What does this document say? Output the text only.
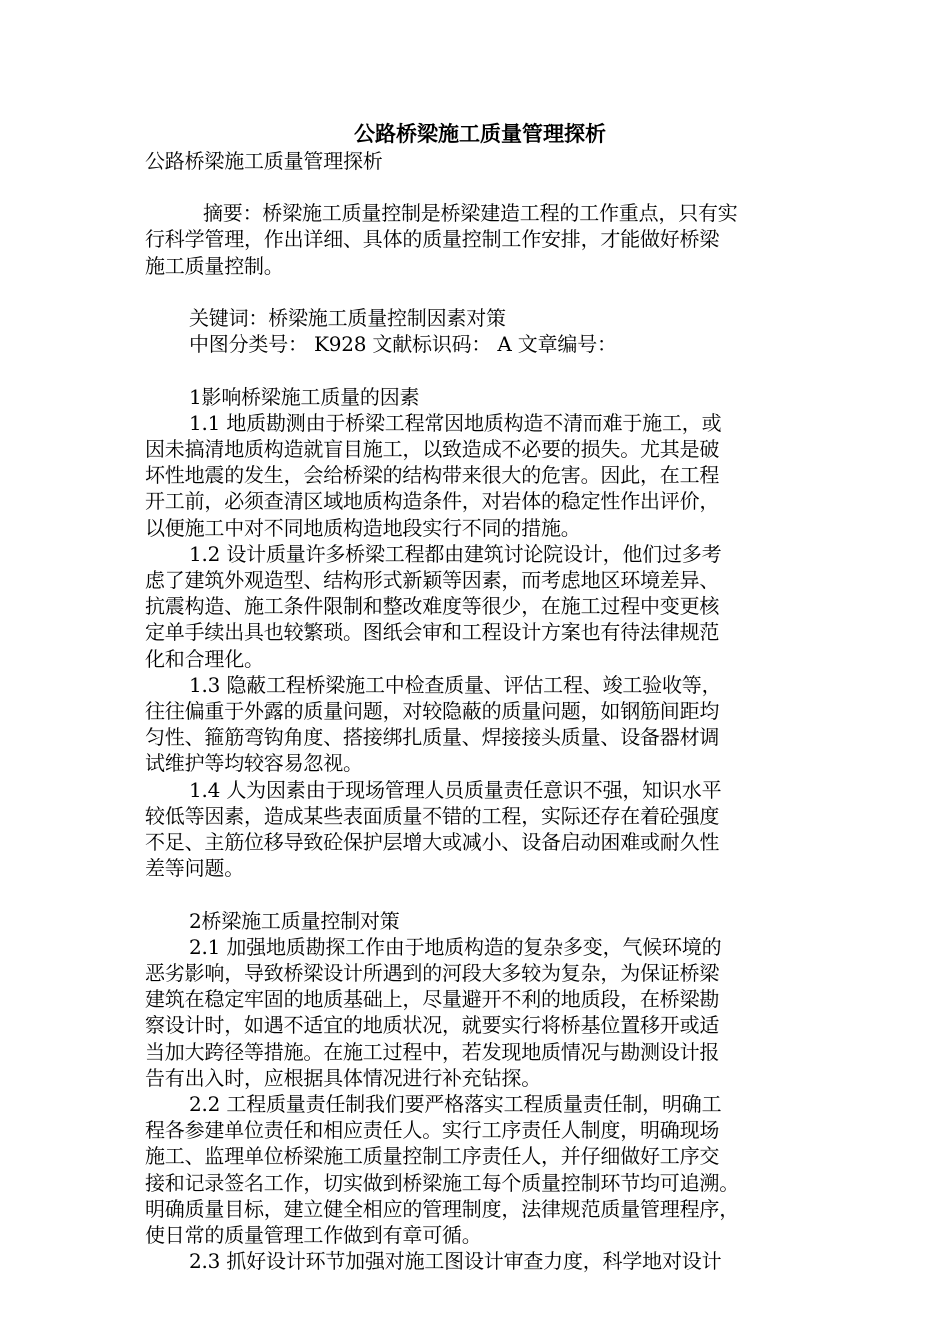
公路桥梁施工质量管理探析

公路桥梁施工质量管理探析

摘要：桥梁施工质量控制是桥梁建造工程的工作重点，只有实

行科学管理，作出详细、具体的质量控制工作安排，才能做好桥梁

施工质量控制。

关键词：桥梁施工质量控制因素对策

中图分类号： K928 文献标识码： A 文章编号：

1影响桥梁施工质量的因素

1.1 地质勘测由于桥梁工程常因地质构造不清而难于施工，或

因未搞清地质构造就盲目施工，以致造成不必要的损失。尤其是破

坏性地震的发生，会给桥梁的结构带来很大的危害。因此，在工程

开工前，必须查清区域地质构造条件，对岩体的稳定性作出评价，

以便施工中对不同地质构造地段实行不同的措施。

1.2 设计质量许多桥梁工程都由建筑讨论院设计，他们过多考

虑了建筑外观造型、结构形式新颖等因素，而考虑地区环境差异、

抗震构造、施工条件限制和整改难度等很少，在施工过程中变更核

定单手续出具也较繁琐。图纸会审和工程设计方案也有待法律规范

化和合理化。

1.3 隐蔽工程桥梁施工中检查质量、评估工程、竣工验收等，

往往偏重于外露的质量问题，对较隐蔽的质量问题，如钢筋间距均

匀性、箍筋弯钩角度、搭接绑扎质量、焊接接头质量、设备器材调

试维护等均较容易忽视。

1.4 人为因素由于现场管理人员质量责任意识不强，知识水平

较低等因素，造成某些表面质量不错的工程，实际还存在着砼强度

不足、主筋位移导致砼保护层增大或减小、设备启动困难或耐久性

差等问题。

2桥梁施工质量控制对策

2.1 加强地质勘探工作由于地质构造的复杂多变，气候环境的

恶劣影响，导致桥梁设计所遇到的河段大多较为复杂，为保证桥梁

建筑在稳定牢固的地质基础上，尽量避开不利的地质段，在桥梁勘

察设计时，如遇不适宜的地质状况，就要实行将桥基位置移开或适

当加大跨径等措施。在施工过程中，若发现地质情况与勘测设计报

告有出入时，应根据具体情况进行补充钻探。

2.2 工程质量责任制我们要严格落实工程质量责任制，明确工

程各参建单位责任和相应责任人。实行工序责任人制度，明确现场

施工、监理单位桥梁施工质量控制工序责任人，并仔细做好工序交

接和记录签名工作，切实做到桥梁施工每个质量控制环节均可追溯。

明确质量目标，建立健全相应的管理制度，法律规范质量管理程序，

使日常的质量管理工作做到有章可循。

2.3 抓好设计环节加强对施工图设计审查力度，科学地对设计
